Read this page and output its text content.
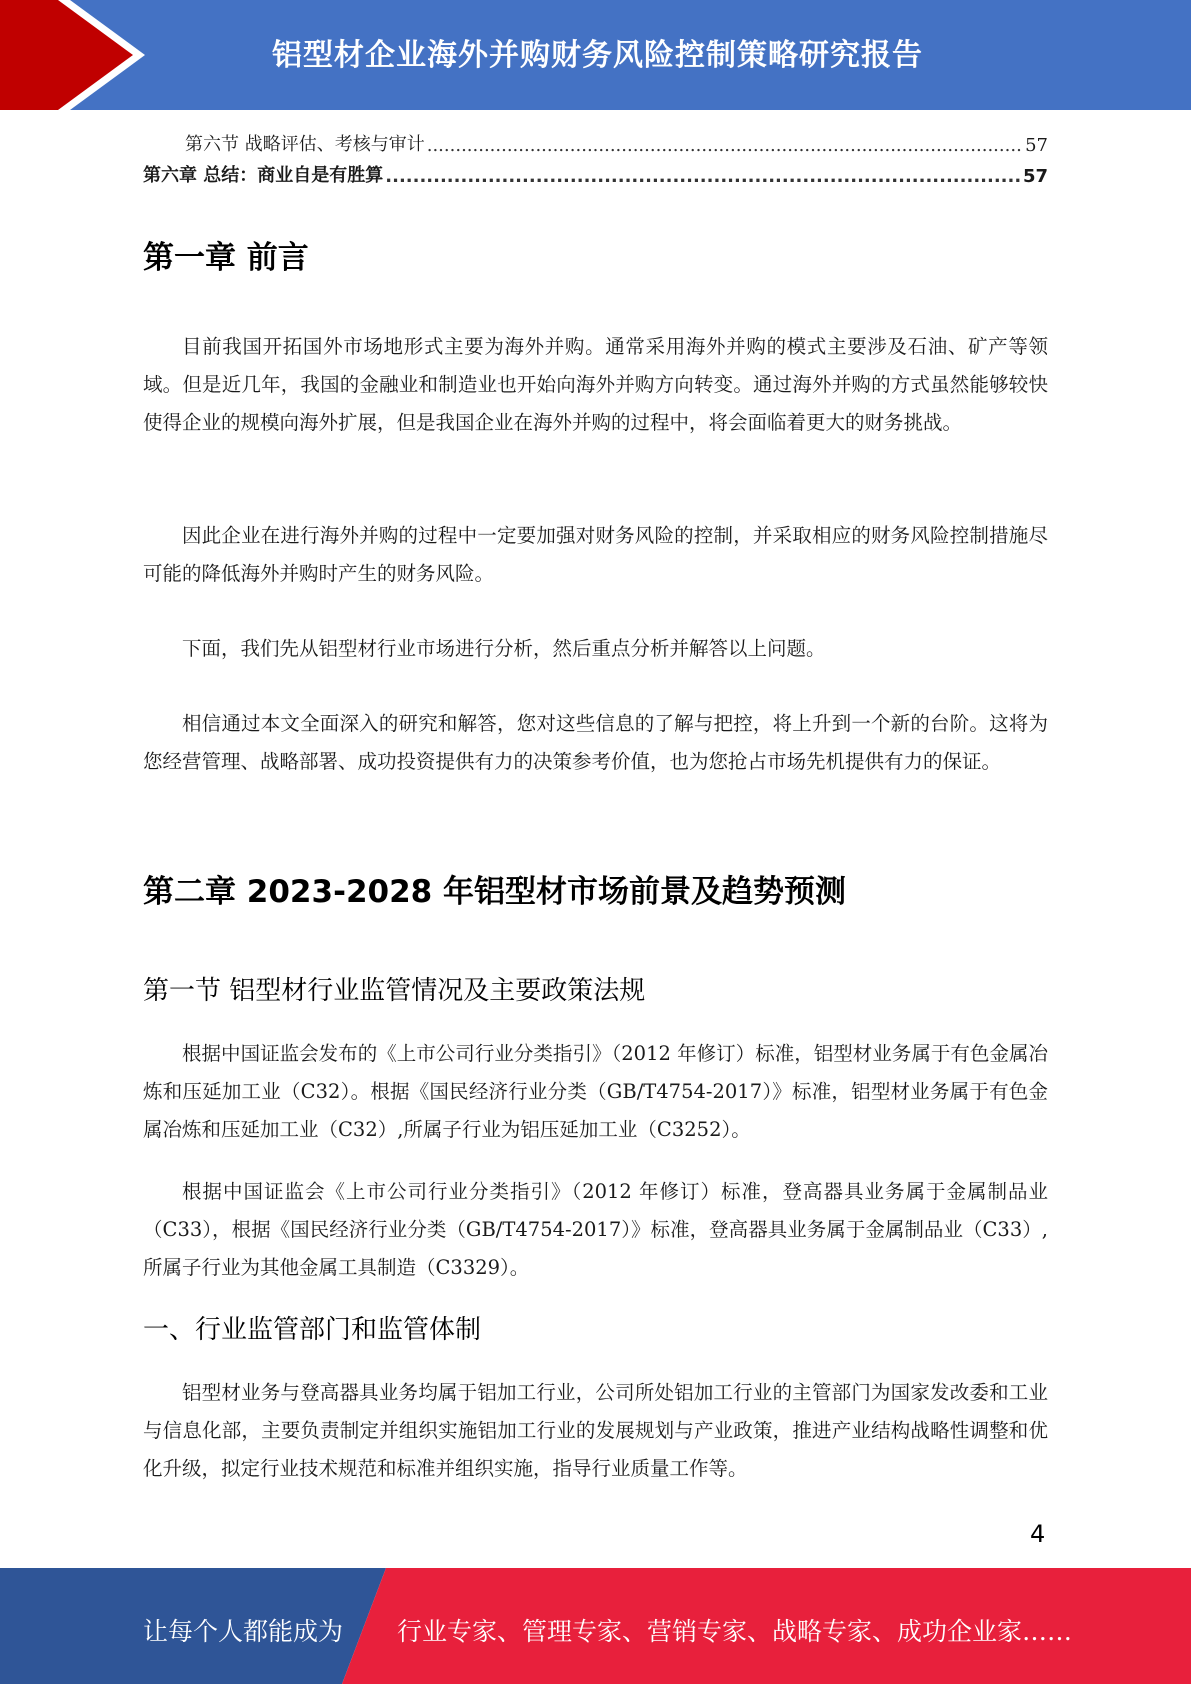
铝型材企业海外并购财务风险控制策略研究报告
第六节 战略评估、考核与审计 .....	57
第六章 总结：商业自是有胜算 .....	57
第一章 前言
目前我国开拓国外市场地形式主要为海外并购。通常采用海外并购的模式主要涉及石油、矿产等领域。但是近几年，我国的金融业和制造业也开始向海外并购方向转变。通过海外并购的方式虽然能够较快使得企业的规模向海外扩展，但是我国企业在海外并购的过程中，将会面临着更大的财务挑战。
因此企业在进行海外并购的过程中一定要加强对财务风险的控制，并采取相应的财务风险控制措施尽可能的降低海外并购时产生的财务风险。
下面，我们先从铝型材行业市场进行分析，然后重点分析并解答以上问题。
相信通过本文全面深入的研究和解答，您对这些信息的了解与把控，将上升到一个新的台阶。这将为您经营管理、战略部署、成功投资提供有力的决策参考价值，也为您抢占市场先机提供有力的保证。
第二章 2023-2028 年铝型材市场前景及趋势预测
第一节 铝型材行业监管情况及主要政策法规
根据中国证监会发布的《上市公司行业分类指引》（2012 年修订）标准，铝型材业务属于有色金属冶炼和压延加工业（C32）。根据《国民经济行业分类（GB/T4754-2017）》标准，铝型材业务属于有色金属冶炼和压延加工业（C32）,所属子行业为铝压延加工业（C3252）。
根据中国证监会《上市公司行业分类指引》（2012 年修订）标准，登高器具业务属于金属制品业（C33），根据《国民经济行业分类（GB/T4754-2017）》标准，登高器具业务属于金属制品业（C33）,所属子行业为其他金属工具制造（C3329）。
一、行业监管部门和监管体制
铝型材业务与登高器具业务均属于铝加工行业，公司所处铝加工行业的主管部门为国家发改委和工业与信息化部，主要负责制定并组织实施铝加工行业的发展规划与产业政策，推进产业结构战略性调整和优化升级，拟定行业技术规范和标准并组织实施，指导行业质量工作等。
4
让每个人都能成为 行业专家、管理专家、营销专家、战略专家、成功企业家……
